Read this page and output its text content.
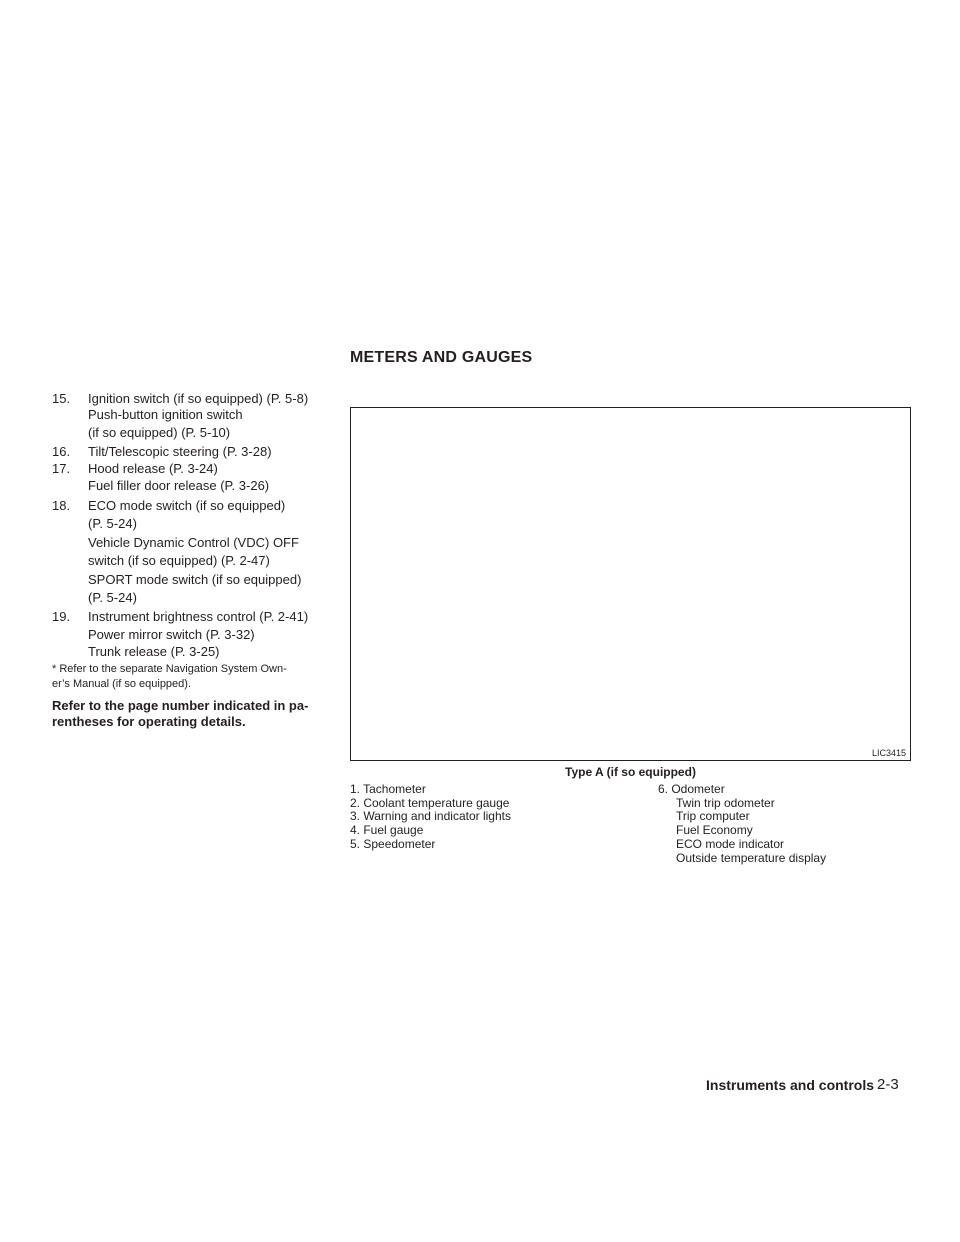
METERS AND GAUGES
15. Ignition switch (if so equipped) (P. 5-8)
Push-button ignition switch
(if so equipped) (P. 5-10)
16. Tilt/Telescopic steering (P. 3-28)
17. Hood release (P. 3-24)
Fuel filler door release (P. 3-26)
18. ECO mode switch (if so equipped)
(P. 5-24)
Vehicle Dynamic Control (VDC) OFF
switch (if so equipped) (P. 2-47)
SPORT mode switch (if so equipped)
(P. 5-24)
19. Instrument brightness control (P. 2-41)
Power mirror switch (P. 3-32)
Trunk release (P. 3-25)
* Refer to the separate Navigation System Own-
er’s Manual (if so equipped).
Refer to the page number indicated in pa-
rentheses for operating details.
LIC3415
Type A (if so equipped)
1. Tachometer
2. Coolant temperature gauge
3. Warning and indicator lights
4. Fuel gauge
5. Speedometer
6. Odometer
Twin trip odometer
Trip computer
Fuel Economy
ECO mode indicator
Outside temperature display
Instruments and controls 2-3
